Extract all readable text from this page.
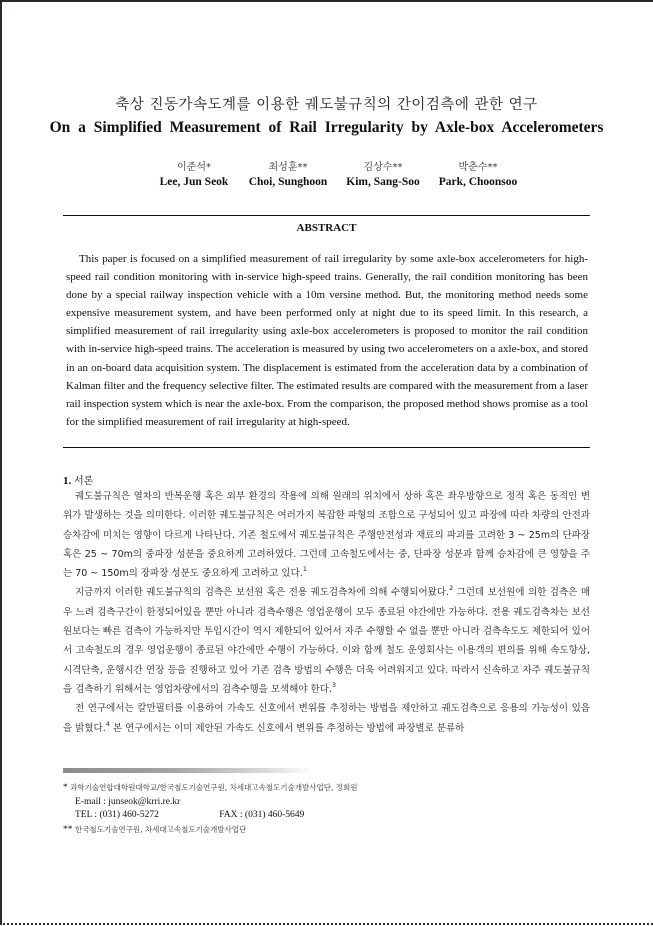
축상 진동가속도계를 이용한 궤도불규칙의 간이검측에 관한 연구
On a Simplified Measurement of Rail Irregularity by Axle-box Accelerometers
이준석*
Lee, Jun Seok
최성훈**
Choi, Sunghoon
김상수**
Kim, Sang-Soo
박춘수**
Park, Choonsoo
ABSTRACT
This paper is focused on a simplified measurement of rail irregularity by some axle-box accelerometers for high-speed rail condition monitoring with in-service high-speed trains. Generally, the rail condition monitoring has been done by a special railway inspection vehicle with a 10m versine method. But, the monitoring method needs some expensive measurement system, and have been performed only at night due to its speed limit. In this research, a simplified measurement of rail irregularity using axle-box accelerometers is proposed to monitor the rail condition with in-service high-speed trains. The acceleration is measured by using two accelerometers on a axle-box, and stored in an on-board data acquisition system. The displacement is estimated from the acceleration data by a combination of Kalman filter and the frequency selective filter. The estimated results are compared with the measurement from a laser rail inspection system which is near the axle-box. From the comparison, the proposed method shows promise as a tool for the simplified measurement of rail irregularity at high-speed.
1. 서론

궤도불규칙은 열차의 반복운행 혹은 외부 환경의 작용에 의해 원래의 위치에서 상하 혹은 좌우방향으로 정적 혹은 동적인 변위가 발생하는 것을 의미한다. 이러한 궤도불규칙은 여러가지 복잡한 파형의 조합으로 구성되어 있고 파장에 따라 차량의 안전과 승차감에 미치는 영향이 다르게 나타난다. 기존 철도에서 궤도불규칙은 주행안전성과 재료의 파괴를 고려한 3 ~ 25m의 단파장 혹은 25 ~ 70m의 중파장 성분을 중요하게 고려하였다. 그런데 고속철도에서는 중, 단파장 성분과 함께 승차감에 큰 영향을 주는 70 ~ 150m의 장파장 성분도 중요하게 고려하고 있다.$^1$

지금까지 이러한 궤도불규칙의 검측은 보선원 혹은 전용 궤도검측차에 의해 수행되어왔다.$^2$ 그런데 보선원에 의한 검측은 매우 느려 검측구간이 한정되어있을 뿐만 아니라 검측수행은 영업운행이 모두 종료된 야간에만 가능하다. 전용 궤도검측차는 보선원보다는 빠른 검측이 가능하지만 투입시간이 역시 제한되어 있어서 자주 수행할 수 없을 뿐만 아니라 검측속도도 제한되어 있어서 고속철도의 경우 영업운행이 종료된 야간에만 수행이 가능하다. 이와 함께 철도 운영회사는 이용객의 편의를 위해 속도향상, 시격단축, 운행시간 연장 등을 진행하고 있어 기존 검측 방법의 수행은 더욱 어려워지고 있다. 따라서 신속하고 자주 궤도불규칙을 검측하기 위해서는 영업차량에서의 검측수행을 모색해야 한다.$^3$

전 연구에서는 칼만필터를 이용하여 가속도 신호에서 변위를 추정하는 방법을 제안하고 궤도검측으로 응용의 가능성이 있음을 밝혔다.$^4$ 본 연구에서는 이미 제안된 가속도 신호에서 변위를 추정하는 방법에 파장별로 분류하

* 과학기술연합대학원대학교/한국철도기술연구원, 차세대고속철도기술개발사업단, 정회원
E-mail : junseok@krri.re.kr
TEL : (031) 460-5272	FAX : (031) 460-5649
** 한국철도기술연구원, 차세대고속철도기술개발사업단
